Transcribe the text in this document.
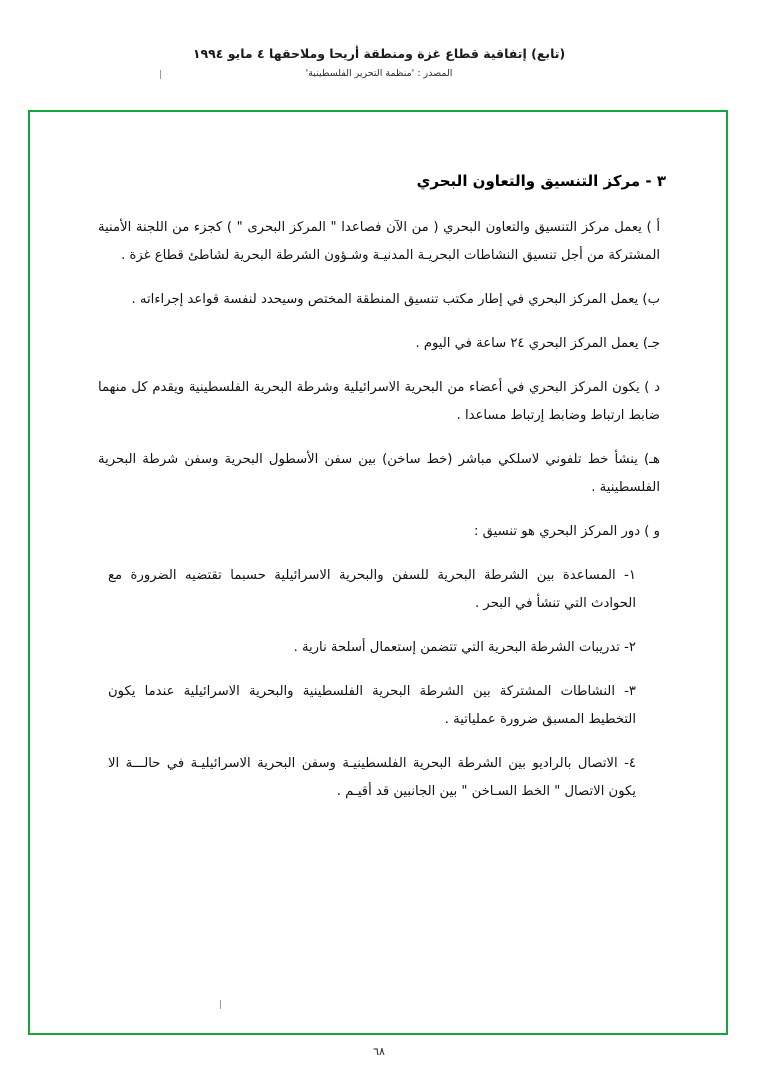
(تابع) إتفاقية قطاع غزة ومنطقة أريحا وملاحقها ٤ مايو ١٩٩٤
المصدر : 'منظمة التحرير الفلسطينية'
٣ - مركز التنسيق والتعاون البحري

أ ) يعمل مركز التنسيق والتعاون البحري ( من الآن فصاعدا " المركز البحرى " ) كجزء من اللجنة الأمنية المشتركة من أجل تنسيق النشاطات البحريـة المدنيـة وشـؤون الشرطة البحرية لشاطئ قطاع غزة .

ب) يعمل المركز البحري في إطار مكتب تنسيق المنطقة المختص وسيحدد لنفسة قواعد إجراءاته .

جـ) يعمل المركز البحري ٢٤ ساعة في اليوم .

د ) يكون المركز البحري في أعضاء من البحرية الاسرائيلية وشرطة البحرية الفلسطينية ويقدم كل منهما ضابط ارتباط وضابط إرتباط مساعدا .

هـ) ينشأ خط تلفوني لاسلكي مباشر (خط ساخن) بين سفن الأسطول البحرية وسفن شرطة البحرية الفلسطينية .

و ) دور المركز البحري هو تنسيق :

١- المساعدة بين الشرطة البحرية للسفن والبحرية الاسرائيلية حسبما تقتضيه الضرورة مع الحوادث التي تنشأ في البحر .

٢- تدريبات الشرطة البحرية التي تتضمن إستعمال أسلحة نارية .

٣- النشاطات المشتركة بين الشرطة البحرية الفلسطينية والبحرية الاسرائيلية عندما يكون التخطيط المسبق ضرورة عملياتية .

٤- الاتصال بالراديو بين الشرطة البحرية الفلسطينيـة وسفن البحرية الاسرائيليـة في حالـــة الا يكون الاتصال " الخط السـاخن " بين الجانبين قد أقيـم .

٦٨
